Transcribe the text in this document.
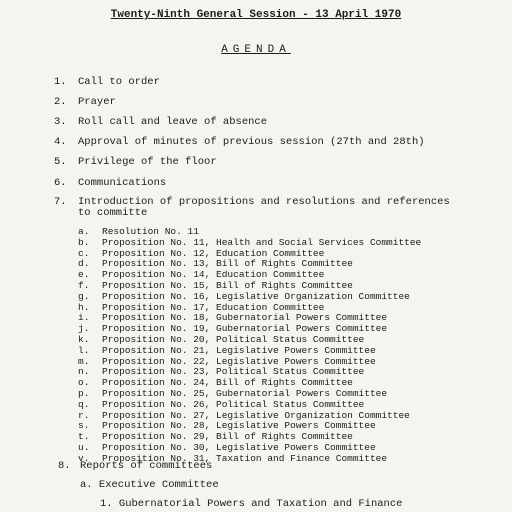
Twenty-Ninth General Session - 13 April 1970
AGENDA
1. Call to order
2. Prayer
3. Roll call and leave of absence
4. Approval of minutes of previous session (27th and 28th)
5. Privilege of the floor
6. Communications
7. Introduction of propositions and resolutions and references
to committe
a. Resolution No. 11
b. Proposition No. 11, Health and Social Services Committee
c. Proposition No. 12, Education Committee
d. Proposition No. 13, Bill of Rights Committee
e. Proposition No. 14, Education Committee
f. Proposition No. 15, Bill of Rights Committee
g. Proposition No. 16, Legislative Organization Committee
h. Proposition No. 17, Education Committee
i. Proposition No. 18, Gubernatorial Powers Committee
j. Proposition No. 19, Gubernatorial Powers Committee
k. Proposition No. 20, Political Status Committee
l. Proposition No. 21, Legislative Powers Committee
m. Proposition No. 22, Legislative Powers Committee
n. Proposition No. 23, Political Status Committee
o. Proposition No. 24, Bill of Rights Committee
p. Proposition No. 25, Gubernatorial Powers Committee
q. Proposition No. 26, Political Status Committee
r. Proposition No. 27, Legislative Organization Committee
s. Proposition No. 28, Legislative Powers Committee
t. Proposition No. 29, Bill of Rights Committee
u. Proposition No. 30, Legislative Powers Committee
v. Proposition No. 31, Taxation and Finance Committee
8. Reports of committees
a. Executive Committee
1. Gubernatorial Powers and Taxation and Finance
